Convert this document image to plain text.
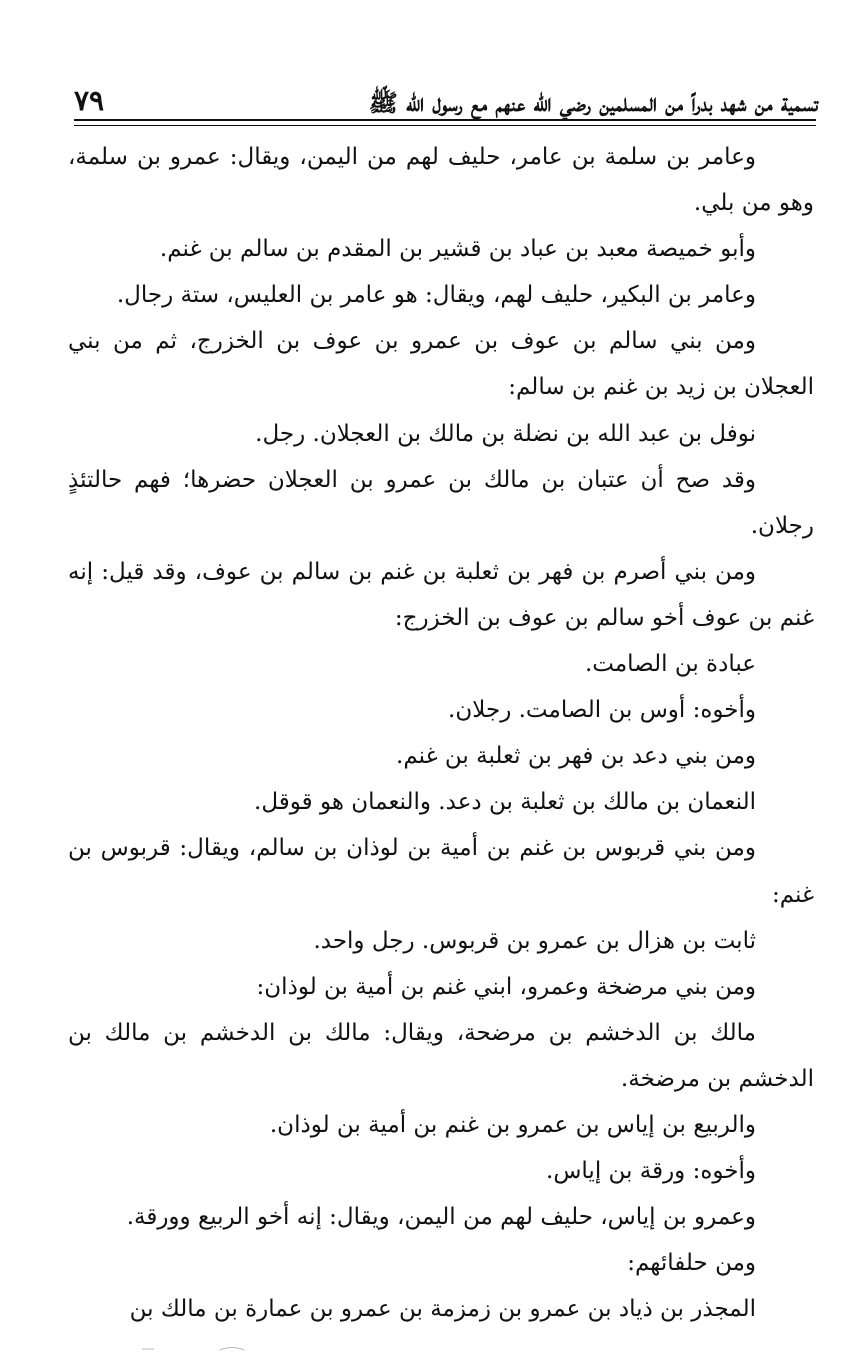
تسمية من شهد بدراً من المسلمين رضي الله عنهم مع رسول الله ﷺ
٧٩

وعامر بن سلمة بن عامر، حليف لهم من اليمن، ويقال: عمرو بن سلمة، وهو من بلي.

وأبو خميصة معبد بن عباد بن قشير بن المقدم بن سالم بن غنم.

وعامر بن البكير، حليف لهم، ويقال: هو عامر بن العليس، ستة رجال.

ومن بني سالم بن عوف بن عمرو بن عوف بن الخزرج، ثم من بني العجلان بن زيد بن غنم بن سالم:

نوفل بن عبد الله بن نضلة بن مالك بن العجلان. رجل.

وقد صح أن عتبان بن مالك بن عمرو بن العجلان حضرها؛ فهم حالتئذٍ رجلان.

ومن بني أصرم بن فهر بن ثعلبة بن غنم بن سالم بن عوف، وقد قيل: إنه غنم بن عوف أخو سالم بن عوف بن الخزرج:

عبادة بن الصامت.

وأخوه: أوس بن الصامت. رجلان.

ومن بني دعد بن فهر بن ثعلبة بن غنم.

النعمان بن مالك بن ثعلبة بن دعد. والنعمان هو قوقل.

ومن بني قربوس بن غنم بن أمية بن لوذان بن سالم، ويقال: قربوس بن غنم:

ثابت بن هزال بن عمرو بن قربوس. رجل واحد.

ومن بني مرضخة وعمرو، ابني غنم بن أمية بن لوذان:

مالك بن الدخشم بن مرضحة، ويقال: مالك بن الدخشم بن مالك بن الدخشم بن مرضخة.

والربيع بن إياس بن عمرو بن غنم بن أمية بن لوذان.

وأخوه: ورقة بن إياس.

وعمرو بن إياس، حليف لهم من اليمن، ويقال: إنه أخو الربيع وورقة.

ومن حلفائهم:

المجذر بن ذياد بن عمرو بن زمزمة بن عمرو بن عمارة بن مالك بن
